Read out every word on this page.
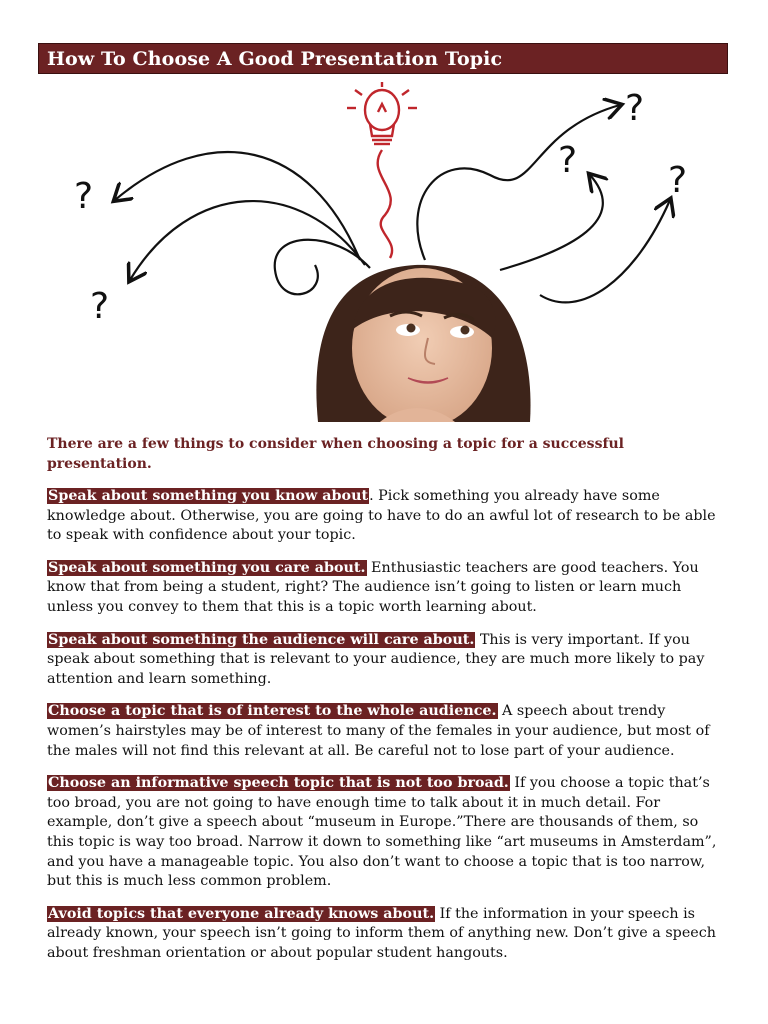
How To Choose A Good Presentation Topic
?
?
?
?
?
There are a few things to consider when choosing a topic for a successful presentation.

Speak about something you know about. Pick something you already have some knowledge about. Otherwise, you are going to have to do an awful lot of research to be able to speak with confidence about your topic.

Speak about something you care about. Enthusiastic teachers are good teachers. You know that from being a student, right? The audience isn’t going to listen or learn much unless you convey to them that this is a topic worth learning about.

Speak about something the audience will care about. This is very important. If you speak about something that is relevant to your audience, they are much more likely to pay attention and learn something.

Choose a topic that is of interest to the whole audience. A speech about trendy women’s hairstyles may be of interest to many of the females in your audience, but most of the males will not find this relevant at all. Be careful not to lose part of your audience.

Choose an informative speech topic that is not too broad. If you choose a topic that’s too broad, you are not going to have enough time to talk about it in much detail. For example, don’t give a speech about “museum in Europe.”There are thousands of them, so this topic is way too broad. Narrow it down to something like “art museums in Amsterdam”, and you have a manageable topic. You also don’t want to choose a topic that is too narrow, but this is much less common problem.

Avoid topics that everyone already knows about. If the information in your speech is already known, your speech isn’t going to inform them of anything new. Don’t give a speech about freshman orientation or about popular student hangouts.
